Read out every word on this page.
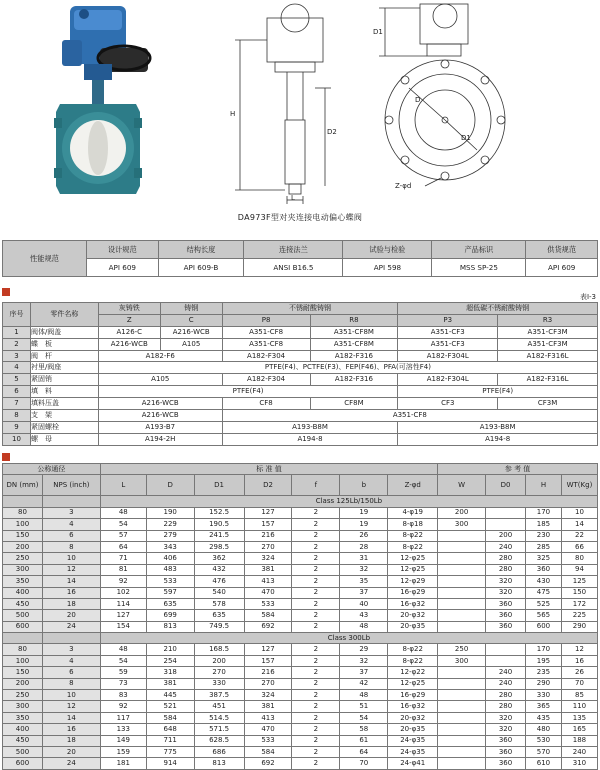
H
D2
L
D1
D
D1
Z-φd
DA973F型对夹连接电动偏心蝶阀
性能规范	设计规范	结构长度	连接法兰	试验与检验	产品标识	供货规范
	API 609	API 609-B	ANSI B16.5	API 598	MSS SP-25	API 609
表I-3
序号	零件名称	灰铸铁	铸钢	不锈耐酸铸钢		超低碳不锈耐酸铸钢	
		Z	C	P8	R8	P3	R3
1	阀体/阀盖	A126-C	A216-WCB	A351-CF8	A351-CF8M	A351-CF3	A351-CF3M
2	蝶　板	A216-WCB	A105	A351-CF8	A351-CF8M	A351-CF3	A351-CF3M
3	阀　杆	A182-F6		A182-F304	A182-F316	A182-F304L	A182-F316L
4	衬里/阀座	PTFE(F4)、PCTFE(F3)、FEP(F46)、PFA(可溶性F4)					
5	紧固销	A105		A182-F304	A182-F316	A182-F304L	A182-F316L
6	填　料	PTFE(F4)				PTFE(F4)	
7	填料压盖	A216-WCB		CF8	CF8M	CF3	CF3M
8	支　架	A216-WCB		A351-CF8			
9	紧固螺栓	A193-B7		A193-B8M		A193-B8M	
10	螺　母	A194-2H		A194-8		A194-8	
公称通径		标 准 值							参 考 值			
DN (mm)	NPS (inch)	L	D	D1	D2	f	b	Z-φd	W	D0	H	WT(Kg)
		Class 125Lb/150Lb										
80	3	48	190	152.5	127	2	19	4-φ19	200		170	10
100	4	54	229	190.5	157	2	19	8-φ18	300		185	14
150	6	57	279	241.5	216	2	26	8-φ22		200	230	22
200	8	64	343	298.5	270	2	28	8-φ22		240	285	66
250	10	71	406	362	324	2	31	12-φ25		280	325	80
300	12	81	483	432	381	2	32	12-φ25		280	360	94
350	14	92	533	476	413	2	35	12-φ29		320	430	125
400	16	102	597	540	470	2	37	16-φ29		320	475	150
450	18	114	635	578	533	2	40	16-φ32		360	525	172
500	20	127	699	635	584	2	43	20-φ32		360	565	225
600	24	154	813	749.5	692	2	48	20-φ35		360	600	290
		Class 300Lb										
80	3	48	210	168.5	127	2	29	8-φ22	250		170	12
100	4	54	254	200	157	2	32	8-φ22	300		195	16
150	6	59	318	270	216	2	37	12-φ22		240	235	26
200	8	73	381	330	270	2	42	12-φ25		240	290	70
250	10	83	445	387.5	324	2	48	16-φ29		280	330	85
300	12	92	521	451	381	2	51	16-φ32		280	365	110
350	14	117	584	514.5	413	2	54	20-φ32		320	435	135
400	16	133	648	571.5	470	2	58	20-φ35		320	480	165
450	18	149	711	628.5	533	2	61	24-φ35		360	530	188
500	20	159	775	686	584	2	64	24-φ35		360	570	240
600	24	181	914	813	692	2	70	24-φ41		360	610	310
